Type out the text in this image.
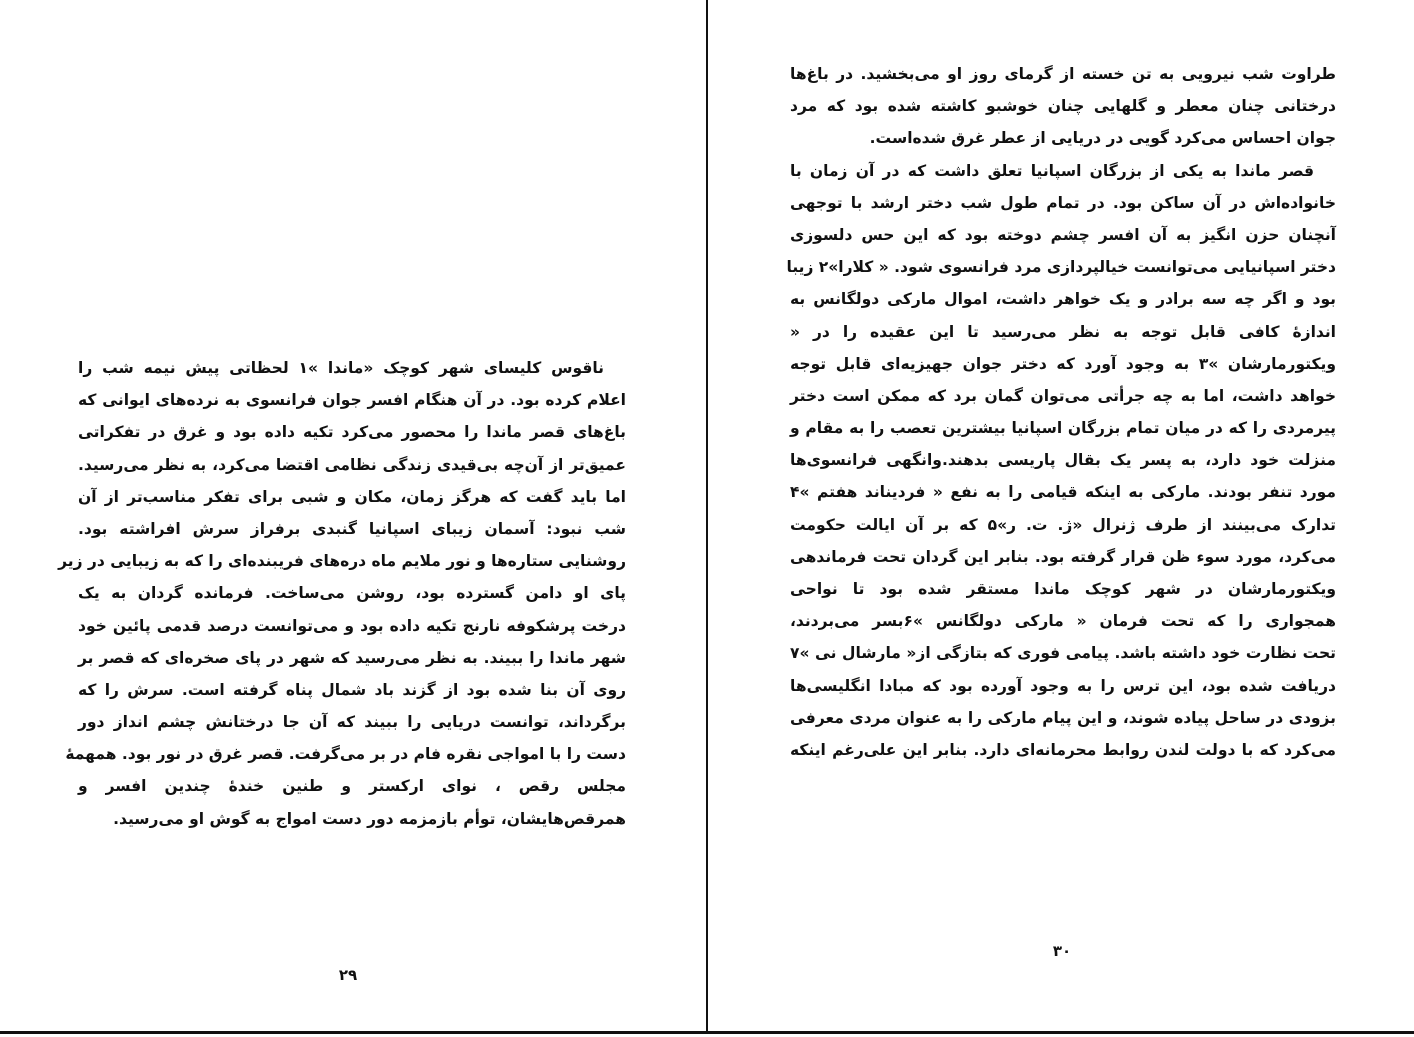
ناقوس کلیسای شهر کوچک «ماندا »‌۱ لحظاتی پیش نیمه شب را
اعلام کرده بود. در آن هنگام افسر جوان فرانسوی به نرده‌های ایوانی که
باغ‌های قصر ماندا را محصور می‌کرد تکیه داده بود و غرق در تفکراتی
عمیق‌تر از آن‌چه بی‌قیدی زندگی نظامی اقتضا می‌کرد، به نظر می‌رسید.
اما باید گفت که هرگز زمان، مکان و شبی برای تفکر مناسب‌تر از آن
شب نبود: آسمان زیبای اسپانیا گنبدی برفراز سرش افراشته بود.
روشنایی ستاره‌ها و نور ملایم ماه دره‌های فریبنده‌ای را که به زیبایی در زیر
پای او دامن گسترده بود، روشن می‌ساخت. فرمانده گردان به یک
درخت پرشکوفه نارنج تکیه داده بود و می‌توانست درصد قدمی پائین خود
شهر ماندا را ببیند. به نظر می‌رسید که شهر در پای صخره‌ای که قصر بر
روی آن بنا شده بود از گزند باد شمال پناه گرفته است. سرش را که
برگرداند، توانست دریایی را ببیند که آن جا درختانش چشم انداز دور
دست را با امواجی نقره فام در بر می‌گرفت. قصر غرق در نور بود. همهمهٔ
مجلس رقص ، نوای ارکستر و طنین خندهٔ چندین افسر و
همرقص‌هایشان، توأم بازمزمه دور دست امواج به گوش او می‌رسید.
۲۹
طراوت شب نیرویی به تن خسته از گرمای روز او می‌بخشید. در باغ‌ها
درختانی چنان معطر و گلهایی چنان خوشبو کاشته شده بود که مرد
جوان احساس می‌کرد گویی در دریایی از عطر غرق شده‌است.
قصر ماندا به یکی از بزرگان اسپانیا تعلق داشت که در آن زمان با
خانواده‌اش در آن ساکن بود. در تمام طول شب دختر ارشد با توجهی
آنچنان حزن انگیز به آن افسر چشم دوخته بود که این حس دلسوزی
دختر اسپانیایی می‌توانست خیالپردازی مرد فرانسوی شود. « کلارا»۲ زیبا
بود و اگر چه سه برادر و یک خواهر داشت، اموال مارکی دولگانس به
اندازهٔ کافی قابل توجه به نظر می‌رسید تا این عقیده را در «
ویکتورمارشان »۳ به وجود آورد که دختر جوان جهیزیه‌ای قابل توجه
خواهد داشت، اما به چه جرأتی می‌توان گمان برد که ممکن است دختر
پیرمردی را که در میان تمام بزرگان اسپانیا بیشترین تعصب را به مقام و
منزلت خود دارد، به پسر یک بقال پاریسی بدهند.وانگهی فرانسوی‌ها
مورد تنفر بودند. مارکی به اینکه قیامی را به نفع « فردیناند هفتم »۴
تدارک می‌بینند از طرف ژنرال «ژ. ت. ر»۵ که بر آن ایالت حکومت
می‌کرد، مورد سوء ظن قرار گرفته بود. بنابر این گردان تحت فرماندهی
ویکتورمارشان در شهر کوچک ماندا مستقر شده بود تا نواحی
همجواری را که تحت فرمان « مارکی دولگانس »۶بسر می‌بردند،
تحت نظارت خود داشته باشد. پیامی فوری که بتازگی از« مارشال نی »۷
دریافت شده بود، این ترس را به وجود آورده بود که مبادا انگلیسی‌ها
بزودی در ساحل پیاده شوند، و این پیام مارکی را به عنوان مردی معرفی
می‌کرد که با دولت لندن روابط محرمانه‌ای دارد. بنابر این علی‌رغم اینکه
۳۰
